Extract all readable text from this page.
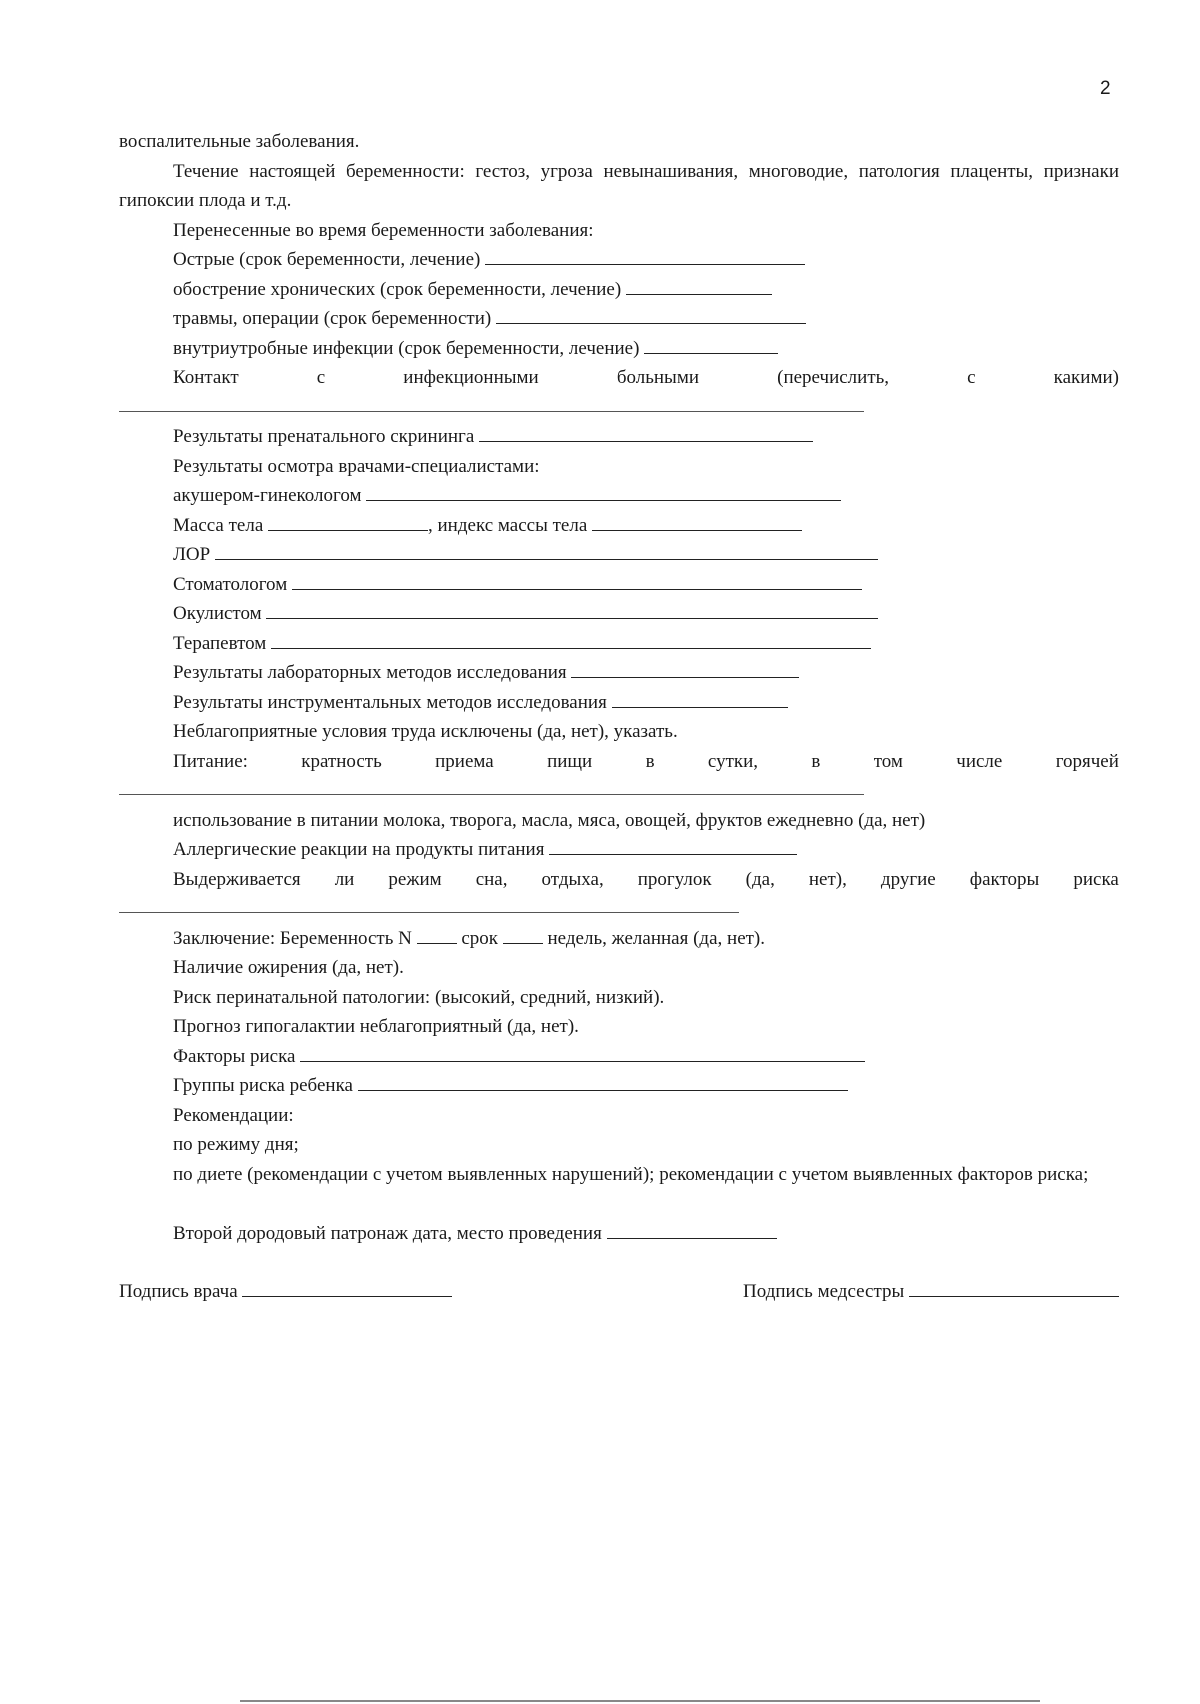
2
воспалительные заболевания.
Течение настоящей беременности: гестоз, угроза невынашивания, многоводие, патология плаценты, признаки гипоксии плода и т.д.
Перенесенные во время беременности заболевания:
Острые (срок беременности, лечение)
обострение хронических (срок беременности, лечение)
травмы, операции (срок беременности)
внутриутробные инфекции (срок беременности, лечение)
Контакт	с	инфекционными	больными	(перечислить,	с	какими)
Результаты пренатального скрининга
Результаты осмотра врачами-специалистами:
акушером-гинекологом
Масса тела	, индекс массы тела
ЛОР
Стоматологом
Окулистом
Терапевтом
Результаты лабораторных методов исследования
Результаты инструментальных методов исследования
Неблагоприятные условия труда исключены (да, нет), указать.
Питание:	кратность	приема	пищи	в	сутки,	в	том	числе	горячей
использование в питании молока, творога, масла, мяса, овощей, фруктов ежедневно (да, нет)
Аллергические реакции на продукты питания
Выдерживается ли режим сна, отдыха, прогулок (да, нет), другие факторы риска
Заключение: Беременность N	срок	недель, желанная (да, нет).
Наличие ожирения (да, нет).
Риск перинатальной патологии: (высокий, средний, низкий).
Прогноз гипогалактии неблагоприятный (да, нет).
Факторы риска
Группы риска ребенка
Рекомендации:
по режиму дня;
по диете (рекомендации с учетом выявленных нарушений); рекомендации с учетом выявленных факторов риска;
Второй дородовый патронаж дата, место проведения
Подпись врача	Подпись медсестры
